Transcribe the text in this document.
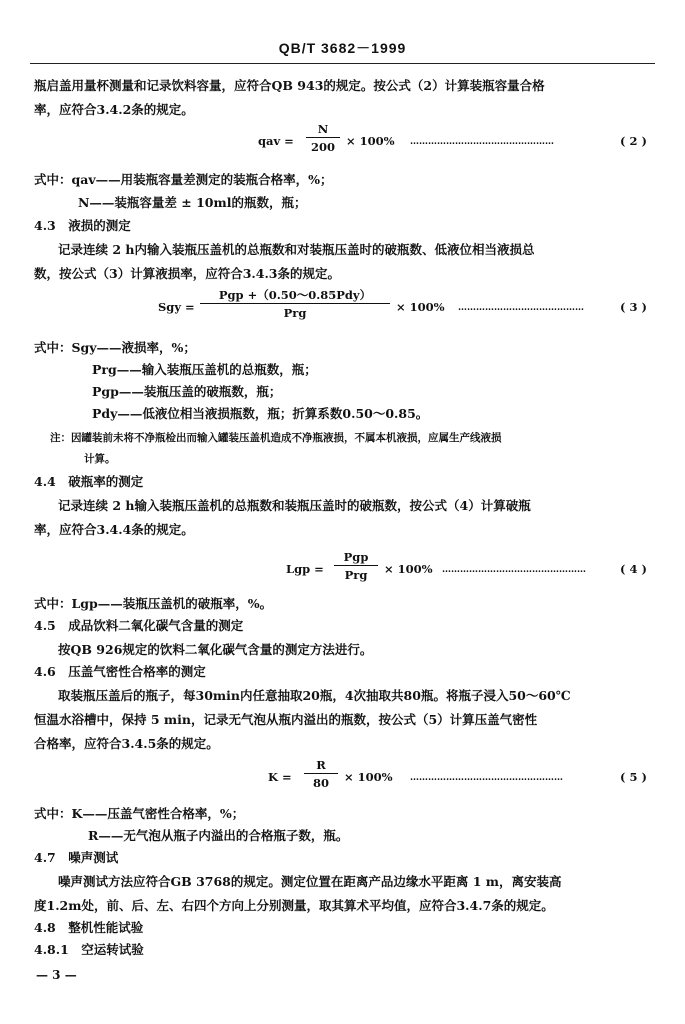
QB/T 3682－1999
瓶启盖用量杯测量和记录饮料容量，应符合QB 943的规定。按公式（2）计算装瓶容量合格
率，应符合3.4.2条的规定。
qav =
N
200 × 100% …………………………………………	( 2 )
式中：qav——用装瓶容量差测定的装瓶合格率，%；
N——装瓶容量差 ± 10ml的瓶数，瓶；
4.3　液损的测定
记录连续 2 h内输入装瓶压盖机的总瓶数和对装瓶压盖时的破瓶数、低液位相当液损总
数，按公式（3）计算液损率，应符合3.4.3条的规定。
Sgy =
Pgp +（0.50～0.85Pdy）
Prg	× 100% ……………………………………	( 3 )
式中：Sgy——液损率，%；
Prg——输入装瓶压盖机的总瓶数，瓶；
Pgp——装瓶压盖的破瓶数，瓶；
Pdy——低液位相当液损瓶数，瓶；折算系数0.50～0.85。
注：因罐装前未将不净瓶检出而输入罐装压盖机造成不净瓶液损，不属本机液损，应属生产线液损
计算。
4.4　破瓶率的测定
记录连续 2 h输入装瓶压盖机的总瓶数和装瓶压盖时的破瓶数，按公式（4）计算破瓶
率，应符合3.4.4条的规定。
Lgp =
Pgp
Prg	× 100% …………………………………………	( 4 )
式中：Lgp——装瓶压盖机的破瓶率，%。
4.5　成品饮料二氧化碳气含量的测定
按QB 926规定的饮料二氧化碳气含量的测定方法进行。
4.6　压盖气密性合格率的测定
取装瓶压盖后的瓶子，每30min内任意抽取20瓶，4次抽取共80瓶。将瓶子浸入50～60℃
恒温水浴槽中，保持 5 min，记录无气泡从瓶内溢出的瓶数，按公式（5）计算压盖气密性
合格率，应符合3.4.5条的规定。
K =
R
80	× 100% ……………………………………………	( 5 )
式中：K——压盖气密性合格率，%；
R——无气泡从瓶子内溢出的合格瓶子数，瓶。
4.7　噪声测试
噪声测试方法应符合GB 3768的规定。测定位置在距离产品边缘水平距离 1 m，离安装高
度1.2m处，前、后、左、右四个方向上分别测量，取其算术平均值，应符合3.4.7条的规定。
4.8　整机性能试验
4.8.1　空运转试验
— 3 —
